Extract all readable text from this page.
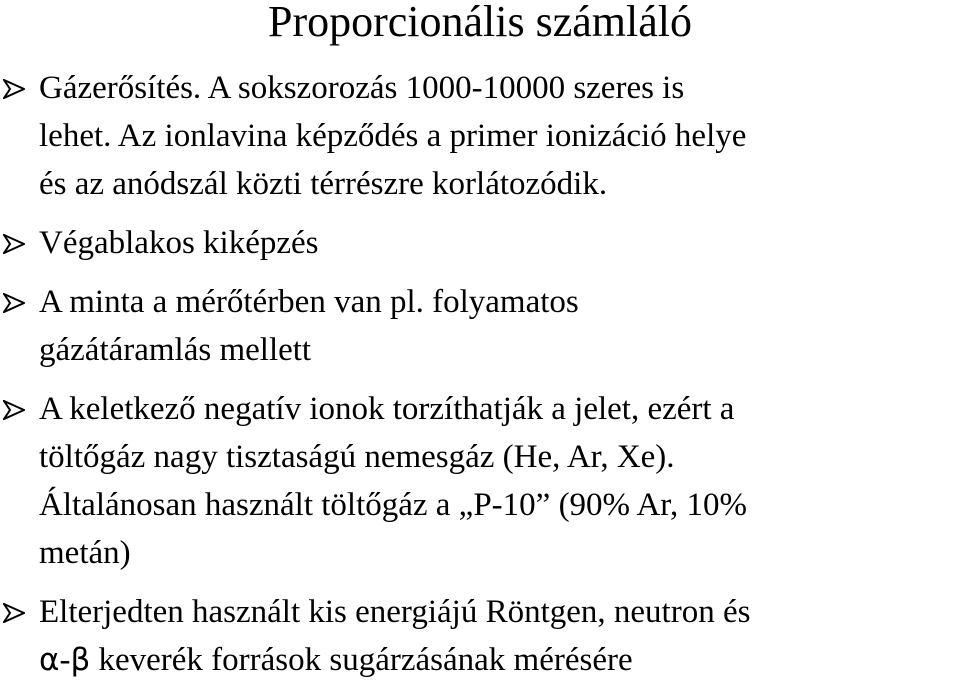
Proporcionális számláló
Gázerősítés. A sokszorozás 1000-10000 szeres is
lehet. Az ionlavina képződés a primer ionizáció helye
és az anódszál közti térrészre korlátozódik.
Végablakos kiképzés
A minta a mérőtérben van pl. folyamatos
gázátáramlás mellett
A keletkező negatív ionok torzíthatják a jelet, ezért a
töltőgáz nagy tisztaságú nemesgáz (He, Ar, Xe).
Általánosan használt töltőgáz a „P-10” (90% Ar, 10%
metán)
Elterjedten használt kis energiájú Röntgen, neutron és
α-β keverék források sugárzásának mérésére
